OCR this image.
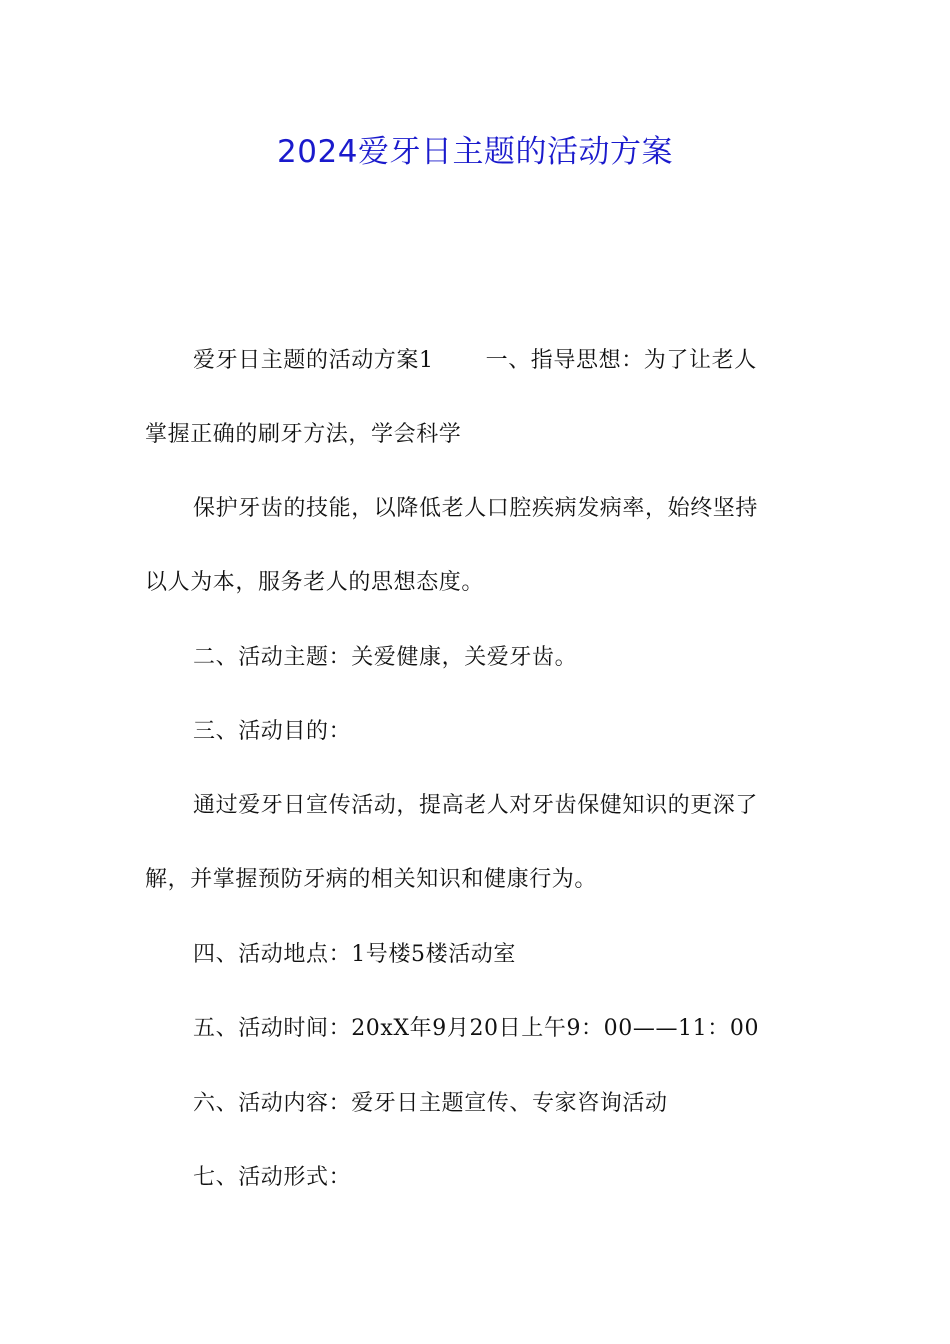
2024爱牙日主题的活动方案
爱牙日主题的活动方案1 一、指导思想：为了让老人
掌握正确的刷牙方法，学会科学
保护牙齿的技能，以降低老人口腔疾病发病率，始终坚持
以人为本，服务老人的思想态度。
二、活动主题：关爱健康，关爱牙齿。
三、活动目的：
通过爱牙日宣传活动，提高老人对牙齿保健知识的更深了
解，并掌握预防牙病的相关知识和健康行为。
四、活动地点：1号楼5楼活动室
五、活动时间：20xX年9月20日上午9：00——11：00
六、活动内容：爱牙日主题宣传、专家咨询活动
七、活动形式：
